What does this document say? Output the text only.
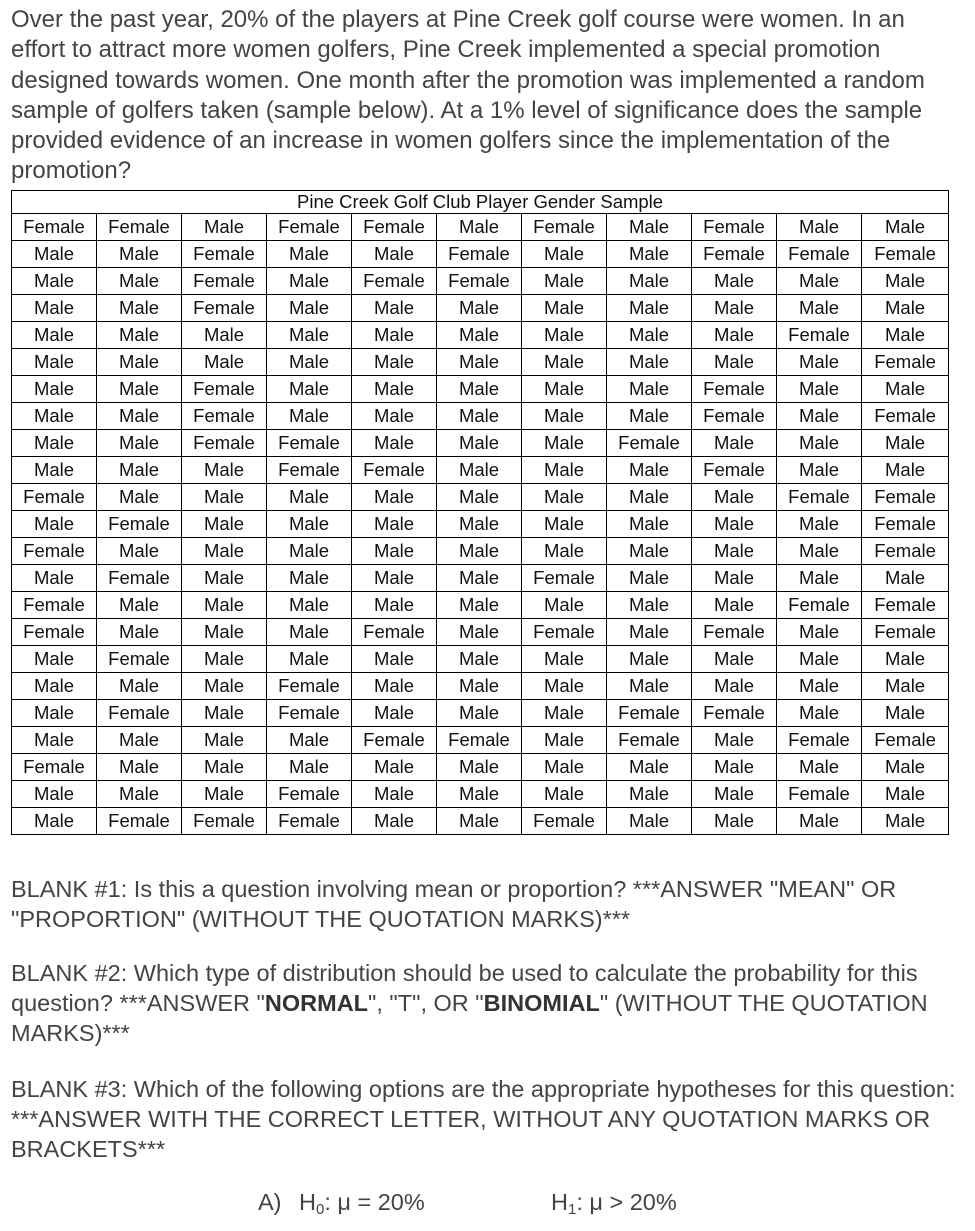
Over the past year, 20% of the players at Pine Creek golf course were women. In an effort to attract more women golfers, Pine Creek implemented a special promotion designed towards women. One month after the promotion was implemented a random sample of golfers taken (sample below). At a 1% level of significance does the sample provided evidence of an increase in women golfers since the implementation of the promotion?

Pine Creek Golf Club Player Gender Sample										
Female	Female	Male	Female	Female	Male	Female	Male	Female	Male	Male
Male	Male	Female	Male	Male	Female	Male	Male	Female	Female	Female
Male	Male	Female	Male	Female	Female	Male	Male	Male	Male	Male
Male	Male	Female	Male	Male	Male	Male	Male	Male	Male	Male
Male	Male	Male	Male	Male	Male	Male	Male	Male	Female	Male
Male	Male	Male	Male	Male	Male	Male	Male	Male	Male	Female
Male	Male	Female	Male	Male	Male	Male	Male	Female	Male	Male
Male	Male	Female	Male	Male	Male	Male	Male	Female	Male	Female
Male	Male	Female	Female	Male	Male	Male	Female	Male	Male	Male
Male	Male	Male	Female	Female	Male	Male	Male	Female	Male	Male
Female	Male	Male	Male	Male	Male	Male	Male	Male	Female	Female
Male	Female	Male	Male	Male	Male	Male	Male	Male	Male	Female
Female	Male	Male	Male	Male	Male	Male	Male	Male	Male	Female
Male	Female	Male	Male	Male	Male	Female	Male	Male	Male	Male
Female	Male	Male	Male	Male	Male	Male	Male	Male	Female	Female
Female	Male	Male	Male	Female	Male	Female	Male	Female	Male	Female
Male	Female	Male	Male	Male	Male	Male	Male	Male	Male	Male
Male	Male	Male	Female	Male	Male	Male	Male	Male	Male	Male
Male	Female	Male	Female	Male	Male	Male	Female	Female	Male	Male
Male	Male	Male	Male	Female	Female	Male	Female	Male	Female	Female
Female	Male	Male	Male	Male	Male	Male	Male	Male	Male	Male
Male	Male	Male	Female	Male	Male	Male	Male	Male	Female	Male
Male	Female	Female	Female	Male	Male	Female	Male	Male	Male	Male

BLANK #1: Is this a question involving mean or proportion? ***ANSWER "MEAN" OR "PROPORTION" (WITHOUT THE QUOTATION MARKS)***

BLANK #2: Which type of distribution should be used to calculate the probability for this question? ***ANSWER "NORMAL", "T", OR "BINOMIAL" (WITHOUT THE QUOTATION MARKS)***

BLANK #3: Which of the following options are the appropriate hypotheses for this question: ***ANSWER WITH THE CORRECT LETTER, WITHOUT ANY QUOTATION MARKS OR BRACKETS***

A) $H_0$: μ = 20%	$H_1$: μ > 20%
